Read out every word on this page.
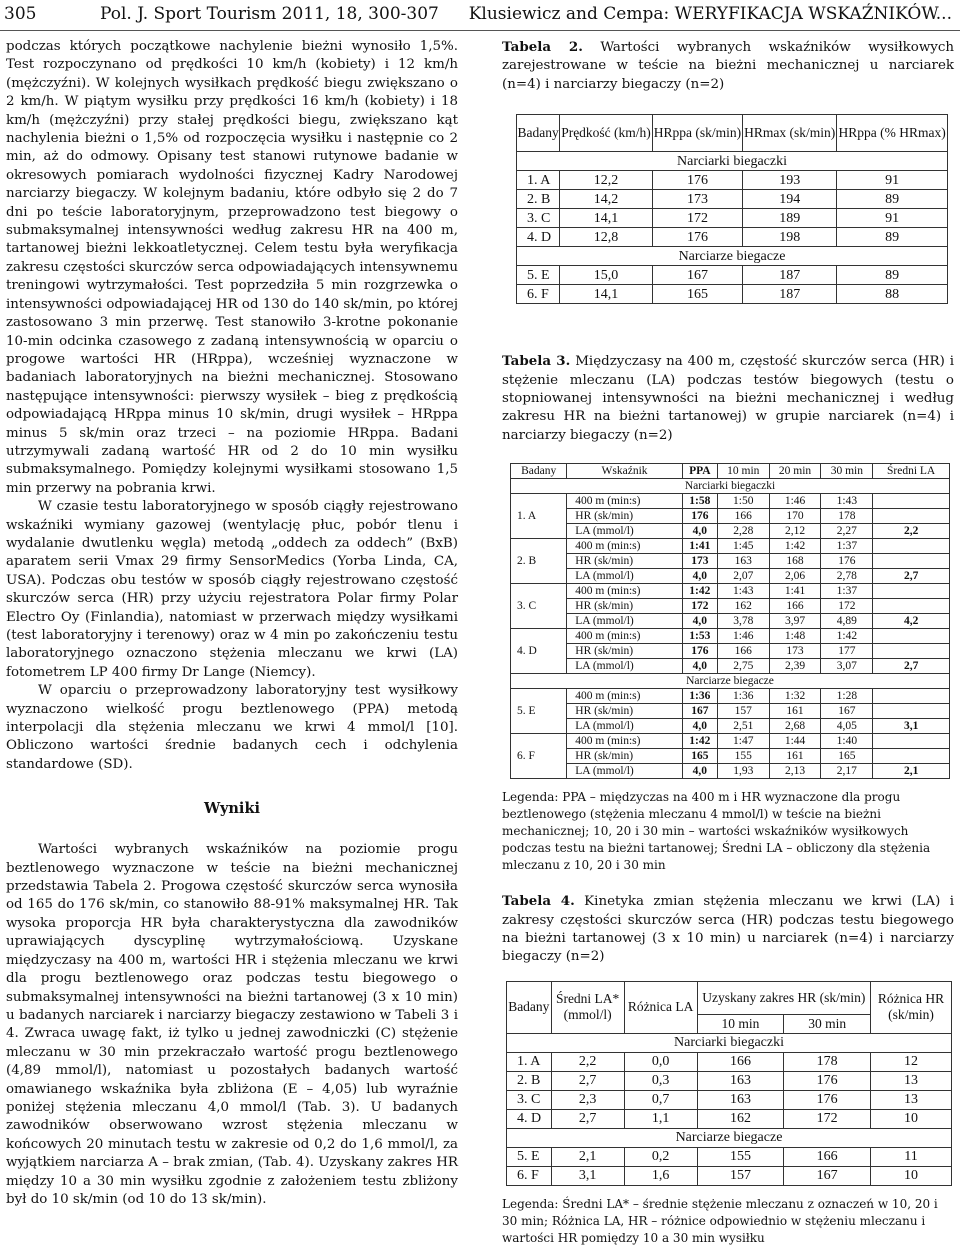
305	Pol. J. Sport Tourism 2011, 18, 300-307 Klusiewicz and Cempa: WERYFIKACJA WSKAŹNIKÓW...

podczas których początkowe nachylenie bieżni wynosiło 1,5%. Test rozpoczynano od prędkości 10 km/h (kobiety) i 12 km/h (mężczyźni). W kolejnych wysiłkach prędkość biegu zwiększano o 2 km/h. W piątym wysiłku przy prędkości 16 km/h (kobiety) i 18 km/h (mężczyźni) przy stałej prędkości biegu, zwiększano kąt nachylenia bieżni o 1,5% od rozpoczęcia wysiłku i następnie co 2 min, aż do odmowy. Opisany test stanowi rutynowe badanie w okresowych pomiarach wydolności fizycznej Kadry Narodowej narciarzy biegaczy. W kolejnym badaniu, które odbyło się 2 do 7 dni po teście laboratoryjnym, przeprowadzono test biegowy o submaksymalnej intensywności według zakresu HR na 400 m, tartanowej bieżni lekkoatletycznej. Celem testu była weryfikacja zakresu częstości skurczów serca odpowiadających intensywnemu treningowi wytrzymałości. Test poprzedziła 5 min rozgrzewka o intensywności odpowiadającej HR od 130 do 140 sk/min, po której zastosowano 3 min przerwę. Test stanowiło 3-krotne pokonanie 10-min odcinka czasowego z zadaną intensywnością w oparciu o progowe wartości HR (HRppa), wcześniej wyznaczone w badaniach laboratoryjnych na bieżni mechanicznej. Stosowano następujące intensywności: pierwszy wysiłek – bieg z prędkością odpowiadającą HRppa minus 10 sk/min, drugi wysiłek – HRppa minus 5 sk/min oraz trzeci – na poziomie HRppa. Badani utrzymywali zadaną wartość HR od 2 do 10 min wysiłku submaksymalnego. Pomiędzy kolejnymi wysiłkami stosowano 1,5 min przerwy na pobrania krwi.

W czasie testu laboratoryjnego w sposób ciągły rejestrowano wskaźniki wymiany gazowej (wentylację płuc, pobór tlenu i wydalanie dwutlenku węgla) metodą „oddech za oddech” (BxB) aparatem serii Vmax 29 firmy SensorMedics (Yorba Linda, CA, USA). Podczas obu testów w sposób ciągły rejestrowano częstość skurczów serca (HR) przy użyciu rejestratora Polar firmy Polar Electro Oy (Finlandia), natomiast w przerwach między wysiłkami (test laboratoryjny i terenowy) oraz w 4 min po zakończeniu testu laboratoryjnego oznaczono stężenia mleczanu we krwi (LA) fotometrem LP 400 firmy Dr Lange (Niemcy).

W oparciu o przeprowadzony laboratoryjny test wysiłkowy wyznaczono wielkość progu beztlenowego (PPA) metodą interpolacji dla stężenia mleczanu we krwi 4 mmol/l [10]. Obliczono wartości średnie badanych cech i odchylenia standardowe (SD).

Wyniki

Wartości wybranych wskaźników na poziomie progu beztlenowego wyznaczone w teście na bieżni mechanicznej przedstawia Tabela 2. Progowa częstość skurczów serca wynosiła od 165 do 176 sk/min, co stanowiło 88-91% maksymalnej HR. Tak wysoka proporcja HR była charakterystyczna dla zawodników uprawiających dyscyplinę wytrzymałościową. Uzyskane międzyczasy na 400 m, wartości HR i stężenia mleczanu we krwi dla progu beztlenowego oraz podczas testu biegowego o submaksymalnej intensywności na bieżni tartanowej (3 x 10 min) u badanych narciarek i narciarzy biegaczy zestawiono w Tabeli 3 i 4. Zwraca uwagę fakt, iż tylko u jednej zawodniczki (C) stężenie mleczanu w 30 min przekraczało wartość progu beztlenowego (4,89 mmol/l), natomiast u pozostałych badanych wartość omawianego wskaźnika była zbliżona (E – 4,05) lub wyraźnie poniżej stężenia mleczanu 4,0 mmol/l (Tab. 3). U badanych zawodników obserwowano wzrost stężenia mleczanu w końcowych 20 minutach testu w zakresie od 0,2 do 1,6 mmol/l, za wyjątkiem narciarza A – brak zmian, (Tab. 4). Uzyskany zakres HR między 10 a 30 min wysiłku zgodnie z założeniem testu zbliżony był do 10 sk/min (od 10 do 13 sk/min).

Tabela 2. Wartości wybranych wskaźników wysiłkowych zarejestrowane w teście na bieżni mechanicznej u narciarek (n=4) i narciarzy biegaczy (n=2)

Badany	Prędkość (km/h)	HRppa (sk/min)	HRmax (sk/min)	HRppa (% HRmax)
Narciarki biegaczki				
1. A	12,2	176	193	91
2. B	14,2	173	194	89
3. C	14,1	172	189	91
4. D	12,8	176	198	89
Narciarze biegacze				
5. E	15,0	167	187	89
6. F	14,1	165	187	88

Tabela 3. Międzyczasy na 400 m, częstość skurczów serca (HR) i stężenie mleczanu (LA) podczas testów biegowych (testu o stopniowanej intensywności na bieżni mechanicznej i według zakresu HR na bieżni tartanowej) w grupie narciarek (n=4) i narciarzy biegaczy (n=2)

Badany	Wskaźnik	PPA	10 min	20 min	30 min	Średni LA
Narciarki biegaczki						
1. A	400 m (min:s)	1:58	1:50	1:46	1:43	
	HR (sk/min)	176	166	170	178	
	LA (mmol/l)	4,0	2,28	2,12	2,27	2,2
2. B	400 m (min:s)	1:41	1:45	1:42	1:37	
	HR (sk/min)	173	163	168	176	
	LA (mmol/l)	4,0	2,07	2,06	2,78	2,7
3. C	400 m (min:s)	1:42	1:43	1:41	1:37	
	HR (sk/min)	172	162	166	172	
	LA (mmol/l)	4,0	3,78	3,97	4,89	4,2
4. D	400 m (min:s)	1:53	1:46	1:48	1:42	
	HR (sk/min)	176	166	173	177	
	LA (mmol/l)	4,0	2,75	2,39	3,07	2,7
Narciarze biegacze						
5. E	400 m (min:s)	1:36	1:36	1:32	1:28	
	HR (sk/min)	167	157	161	167	
	LA (mmol/l)	4,0	2,51	2,68	4,05	3,1
6. F	400 m (min:s)	1:42	1:47	1:44	1:40	
	HR (sk/min)	165	155	161	165	
	LA (mmol/l)	4,0	1,93	2,13	2,17	2,1

Legenda: PPA – międzyczas na 400 m i HR wyznaczone dla progu beztlenowego (stężenia mleczanu 4 mmol/l) w teście na bieżni mechanicznej; 10, 20 i 30 min – wartości wskaźników wysiłkowych podczas testu na bieżni tartanowej; Średni LA – obliczony dla stężenia mleczanu z 10, 20 i 30 min

Tabela 4. Kinetyka zmian stężenia mleczanu we krwi (LA) i zakresy częstości skurczów serca (HR) podczas testu biegowego na bieżni tartanowej (3 x 10 min) u narciarek (n=4) i narciarzy biegaczy (n=2)

Badany	Średni LA* (mmol/l)	Różnica LA	Uzyskany zakres HR (sk/min)		Różnica HR (sk/min)
			10 min	30 min	
Narciarki biegaczki					
1. A	2,2	0,0	166	178	12
2. B	2,7	0,3	163	176	13
3. C	2,3	0,7	163	176	13
4. D	2,7	1,1	162	172	10
Narciarze biegacze					
5. E	2,1	0,2	155	166	11
6. F	3,1	1,6	157	167	10

Legenda: Średni LA* – średnie stężenie mleczanu z oznaczeń w 10, 20 i 30 min; Różnica LA, HR – różnice odpowiednio w stężeniu mleczanu i wartości HR pomiędzy 10 a 30 min wysiłku
